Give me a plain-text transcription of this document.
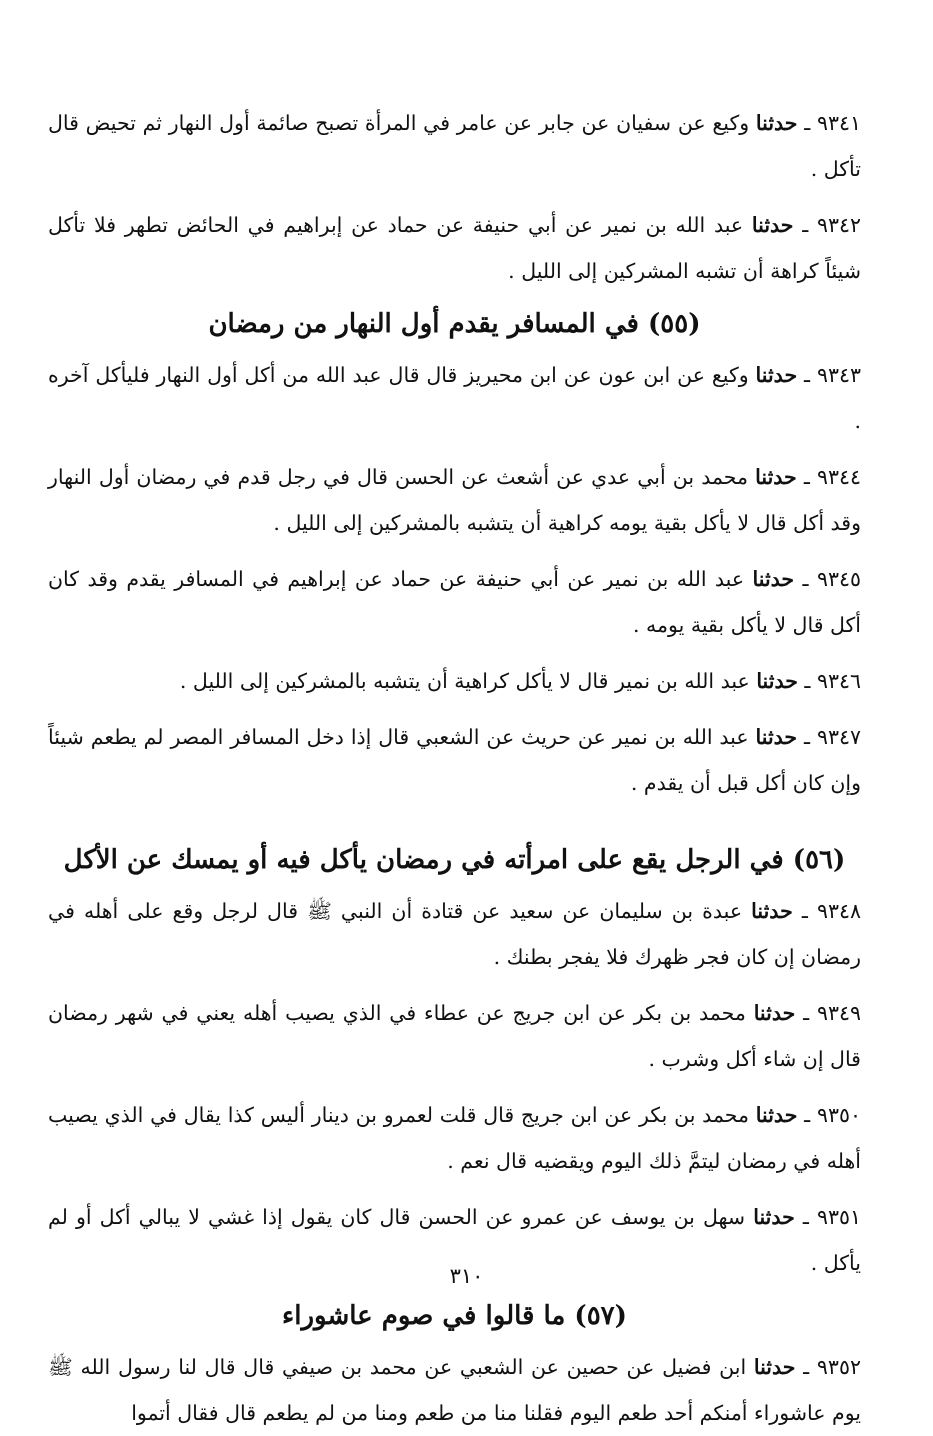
٩٣٤١ ـ حدثنا وكيع عن سفيان عن جابر عن عامر في المرأة تصبح صائمة أول النهار ثم تحيض قال تأكل .

٩٣٤٢ ـ حدثنا عبد الله بن نمير عن أبي حنيفة عن حماد عن إبراهيم في الحائض تطهر فلا تأكل شيئاً كراهة أن تشبه المشركين إلى الليل .

(٥٥) في المسافر يقدم أول النهار من رمضان

٩٣٤٣ ـ حدثنا وكيع عن ابن عون عن ابن محيريز قال قال عبد الله من أكل أول النهار فليأكل آخره .

٩٣٤٤ ـ حدثنا محمد بن أبي عدي عن أشعث عن الحسن قال في رجل قدم في رمضان أول النهار وقد أكل قال لا يأكل بقية يومه كراهية أن يتشبه بالمشركين إلى الليل .

٩٣٤٥ ـ حدثنا عبد الله بن نمير عن أبي حنيفة عن حماد عن إبراهيم في المسافر يقدم وقد كان أكل قال لا يأكل بقية يومه .

٩٣٤٦ ـ حدثنا عبد الله بن نمير قال لا يأكل كراهية أن يتشبه بالمشركين إلى الليل .

٩٣٤٧ ـ حدثنا عبد الله بن نمير عن حريث عن الشعبي قال إذا دخل المسافر المصر لم يطعم شيئاً وإن كان أكل قبل أن يقدم .

(٥٦) في الرجل يقع على امرأته في رمضان يأكل فيه أو يمسك عن الأكل

٩٣٤٨ ـ حدثنا عبدة بن سليمان عن سعيد عن قتادة أن النبي ﷺ قال لرجل وقع على أهله في رمضان إن كان فجر ظهرك فلا يفجر بطنك .

٩٣٤٩ ـ حدثنا محمد بن بكر عن ابن جريج عن عطاء في الذي يصيب أهله يعني في شهر رمضان قال إن شاء أكل وشرب .

٩٣٥٠ ـ حدثنا محمد بن بكر عن ابن جريج قال قلت لعمرو بن دينار أليس كذا يقال في الذي يصيب أهله في رمضان ليتمَّ ذلك اليوم ويقضيه قال نعم .

٩٣٥١ ـ حدثنا سهل بن يوسف عن عمرو عن الحسن قال كان يقول إذا غشي لا يبالي أكل أو لم يأكل .

(٥٧) ما قالوا في صوم عاشوراء

٩٣٥٢ ـ حدثنا ابن فضيل عن حصين عن الشعبي عن محمد بن صيفي قال قال لنا رسول الله ﷺ يوم عاشوراء أمنكم أحد طعم اليوم فقلنا منا من طعم ومنا من لم يطعم قال فقال أتموا

٣١٠
